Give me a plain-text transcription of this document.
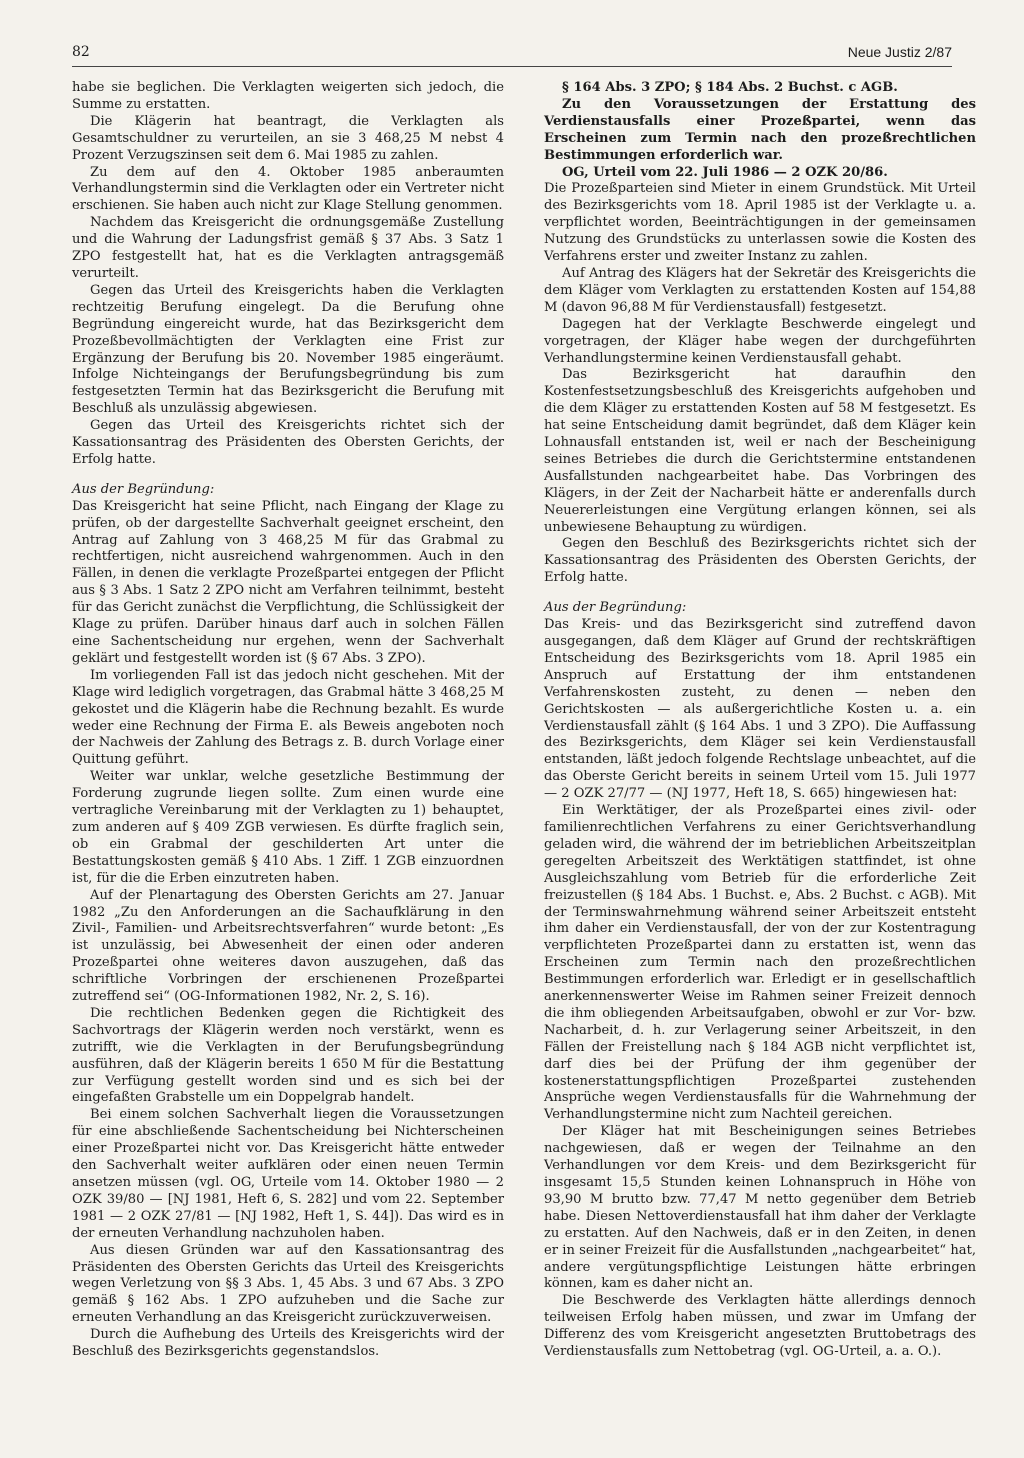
82	Neue Justiz 2/87

habe sie beglichen. Die Verklagten weigerten sich jedoch, die Summe zu erstatten.

Die Klägerin hat beantragt, die Verklagten als Gesamtschuldner zu verurteilen, an sie 3 468,25 M nebst 4 Prozent Verzugszinsen seit dem 6. Mai 1985 zu zahlen.

Zu dem auf den 4. Oktober 1985 anberaumten Verhandlungstermin sind die Verklagten oder ein Vertreter nicht erschienen. Sie haben auch nicht zur Klage Stellung genommen.

Nachdem das Kreisgericht die ordnungsgemäße Zustellung und die Wahrung der Ladungsfrist gemäß § 37 Abs. 3 Satz 1 ZPO festgestellt hat, hat es die Verklagten antragsgemäß verurteilt.

Gegen das Urteil des Kreisgerichts haben die Verklagten rechtzeitig Berufung eingelegt. Da die Berufung ohne Begründung eingereicht wurde, hat das Bezirksgericht dem Prozeßbevollmächtigten der Verklagten eine Frist zur Ergänzung der Berufung bis 20. November 1985 eingeräumt. Infolge Nichteingangs der Berufungsbegründung bis zum festgesetzten Termin hat das Bezirksgericht die Berufung mit Beschluß als unzulässig abgewiesen.

Gegen das Urteil des Kreisgerichts richtet sich der Kassationsantrag des Präsidenten des Obersten Gerichts, der Erfolg hatte.

Aus der Begründung:

Das Kreisgericht hat seine Pflicht, nach Eingang der Klage zu prüfen, ob der dargestellte Sachverhalt geeignet erscheint, den Antrag auf Zahlung von 3 468,25 M für das Grabmal zu rechtfertigen, nicht ausreichend wahrgenommen. Auch in den Fällen, in denen die verklagte Prozeßpartei entgegen der Pflicht aus § 3 Abs. 1 Satz 2 ZPO nicht am Verfahren teilnimmt, besteht für das Gericht zunächst die Verpflichtung, die Schlüssigkeit der Klage zu prüfen. Darüber hinaus darf auch in solchen Fällen eine Sachentscheidung nur ergehen, wenn der Sachverhalt geklärt und festgestellt worden ist (§ 67 Abs. 3 ZPO).

Im vorliegenden Fall ist das jedoch nicht geschehen. Mit der Klage wird lediglich vorgetragen, das Grabmal hätte 3 468,25 M gekostet und die Klägerin habe die Rechnung bezahlt. Es wurde weder eine Rechnung der Firma E. als Beweis angeboten noch der Nachweis der Zahlung des Betrags z. B. durch Vorlage einer Quittung geführt.

Weiter war unklar, welche gesetzliche Bestimmung der Forderung zugrunde liegen sollte. Zum einen wurde eine vertragliche Vereinbarung mit der Verklagten zu 1) behauptet, zum anderen auf § 409 ZGB verwiesen. Es dürfte fraglich sein, ob ein Grabmal der geschilderten Art unter die Bestattungskosten gemäß § 410 Abs. 1 Ziff. 1 ZGB einzuordnen ist, für die die Erben einzutreten haben.

Auf der Plenartagung des Obersten Gerichts am 27. Januar 1982 „Zu den Anforderungen an die Sachaufklärung in den Zivil-, Familien- und Arbeitsrechtsverfahren“ wurde betont: „Es ist unzulässig, bei Abwesenheit der einen oder anderen Prozeßpartei ohne weiteres davon auszugehen, daß das schriftliche Vorbringen der erschienenen Prozeßpartei zutreffend sei“ (OG-Informationen 1982, Nr. 2, S. 16).

Die rechtlichen Bedenken gegen die Richtigkeit des Sachvortrags der Klägerin werden noch verstärkt, wenn es zutrifft, wie die Verklagten in der Berufungsbegründung ausführen, daß der Klägerin bereits 1 650 M für die Bestattung zur Verfügung gestellt worden sind und es sich bei der eingefaßten Grabstelle um ein Doppelgrab handelt.

Bei einem solchen Sachverhalt liegen die Voraussetzungen für eine abschließende Sachentscheidung bei Nichterscheinen einer Prozeßpartei nicht vor. Das Kreisgericht hätte entweder den Sachverhalt weiter aufklären oder einen neuen Termin ansetzen müssen (vgl. OG, Urteile vom 14. Oktober 1980 — 2 OZK 39/80 — [NJ 1981, Heft 6, S. 282] und vom 22. September 1981 — 2 OZK 27/81 — [NJ 1982, Heft 1, S. 44]). Das wird es in der erneuten Verhandlung nachzuholen haben.

Aus diesen Gründen war auf den Kassationsantrag des Präsidenten des Obersten Gerichts das Urteil des Kreisgerichts wegen Verletzung von §§ 3 Abs. 1, 45 Abs. 3 und 67 Abs. 3 ZPO gemäß § 162 Abs. 1 ZPO aufzuheben und die Sache zur erneuten Verhandlung an das Kreisgericht zurückzuverweisen.

Durch die Aufhebung des Urteils des Kreisgerichts wird der Beschluß des Bezirksgerichts gegenstandslos.

§ 164 Abs. 3 ZPO; § 184 Abs. 2 Buchst. c AGB.

Zu den Voraussetzungen der Erstattung des Verdienstausfalls einer Prozeßpartei, wenn das Erscheinen zum Termin nach den prozeßrechtlichen Bestimmungen erforderlich war.

OG, Urteil vom 22. Juli 1986 — 2 OZK 20/86.

Die Prozeßparteien sind Mieter in einem Grundstück. Mit Urteil des Bezirksgerichts vom 18. April 1985 ist der Verklagte u. a. verpflichtet worden, Beeinträchtigungen in der gemeinsamen Nutzung des Grundstücks zu unterlassen sowie die Kosten des Verfahrens erster und zweiter Instanz zu zahlen.

Auf Antrag des Klägers hat der Sekretär des Kreisgerichts die dem Kläger vom Verklagten zu erstattenden Kosten auf 154,88 M (davon 96,88 M für Verdienstausfall) festgesetzt.

Dagegen hat der Verklagte Beschwerde eingelegt und vorgetragen, der Kläger habe wegen der durchgeführten Verhandlungstermine keinen Verdienstausfall gehabt.

Das Bezirksgericht hat daraufhin den Kostenfestsetzungsbeschluß des Kreisgerichts aufgehoben und die dem Kläger zu erstattenden Kosten auf 58 M festgesetzt. Es hat seine Entscheidung damit begründet, daß dem Kläger kein Lohnausfall entstanden ist, weil er nach der Bescheinigung seines Betriebes die durch die Gerichtstermine entstandenen Ausfallstunden nachgearbeitet habe. Das Vorbringen des Klägers, in der Zeit der Nacharbeit hätte er anderenfalls durch Neuererleistungen eine Vergütung erlangen können, sei als unbewiesene Behauptung zu würdigen.

Gegen den Beschluß des Bezirksgerichts richtet sich der Kassationsantrag des Präsidenten des Obersten Gerichts, der Erfolg hatte.

Aus der Begründung:

Das Kreis- und das Bezirksgericht sind zutreffend davon ausgegangen, daß dem Kläger auf Grund der rechtskräftigen Entscheidung des Bezirksgerichts vom 18. April 1985 ein Anspruch auf Erstattung der ihm entstandenen Verfahrenskosten zusteht, zu denen — neben den Gerichtskosten — als außergerichtliche Kosten u. a. ein Verdienstausfall zählt (§ 164 Abs. 1 und 3 ZPO). Die Auffassung des Bezirksgerichts, dem Kläger sei kein Verdienstausfall entstanden, läßt jedoch folgende Rechtslage unbeachtet, auf die das Oberste Gericht bereits in seinem Urteil vom 15. Juli 1977 — 2 OZK 27/77 — (NJ 1977, Heft 18, S. 665) hingewiesen hat:

Ein Werktätiger, der als Prozeßpartei eines zivil- oder familienrechtlichen Verfahrens zu einer Gerichtsverhandlung geladen wird, die während der im betrieblichen Arbeitszeitplan geregelten Arbeitszeit des Werktätigen stattfindet, ist ohne Ausgleichszahlung vom Betrieb für die erforderliche Zeit freizustellen (§ 184 Abs. 1 Buchst. e, Abs. 2 Buchst. c AGB). Mit der Terminswahrnehmung während seiner Arbeitszeit entsteht ihm daher ein Verdienstausfall, der von der zur Kostentragung verpflichteten Prozeßpartei dann zu erstatten ist, wenn das Erscheinen zum Termin nach den prozeßrechtlichen Bestimmungen erforderlich war. Erledigt er in gesellschaftlich anerkennenswerter Weise im Rahmen seiner Freizeit dennoch die ihm obliegenden Arbeitsaufgaben, obwohl er zur Vor- bzw. Nacharbeit, d. h. zur Verlagerung seiner Arbeitszeit, in den Fällen der Freistellung nach § 184 AGB nicht verpflichtet ist, darf dies bei der Prüfung der ihm gegenüber der kostenerstattungspflichtigen Prozeßpartei zustehenden Ansprüche wegen Verdienstausfalls für die Wahrnehmung der Verhandlungstermine nicht zum Nachteil gereichen.

Der Kläger hat mit Bescheinigungen seines Betriebes nachgewiesen, daß er wegen der Teilnahme an den Verhandlungen vor dem Kreis- und dem Bezirksgericht für insgesamt 15,5 Stunden keinen Lohnanspruch in Höhe von 93,90 M brutto bzw. 77,47 M netto gegenüber dem Betrieb habe. Diesen Nettoverdienstausfall hat ihm daher der Verklagte zu erstatten. Auf den Nachweis, daß er in den Zeiten, in denen er in seiner Freizeit für die Ausfallstunden „nachgearbeitet“ hat, andere vergütungspflichtige Leistungen hätte erbringen können, kam es daher nicht an.

Die Beschwerde des Verklagten hätte allerdings dennoch teilweisen Erfolg haben müssen, und zwar im Umfang der Differenz des vom Kreisgericht angesetzten Bruttobetrags des Verdienstausfalls zum Nettobetrag (vgl. OG-Urteil, a. a. O.).
